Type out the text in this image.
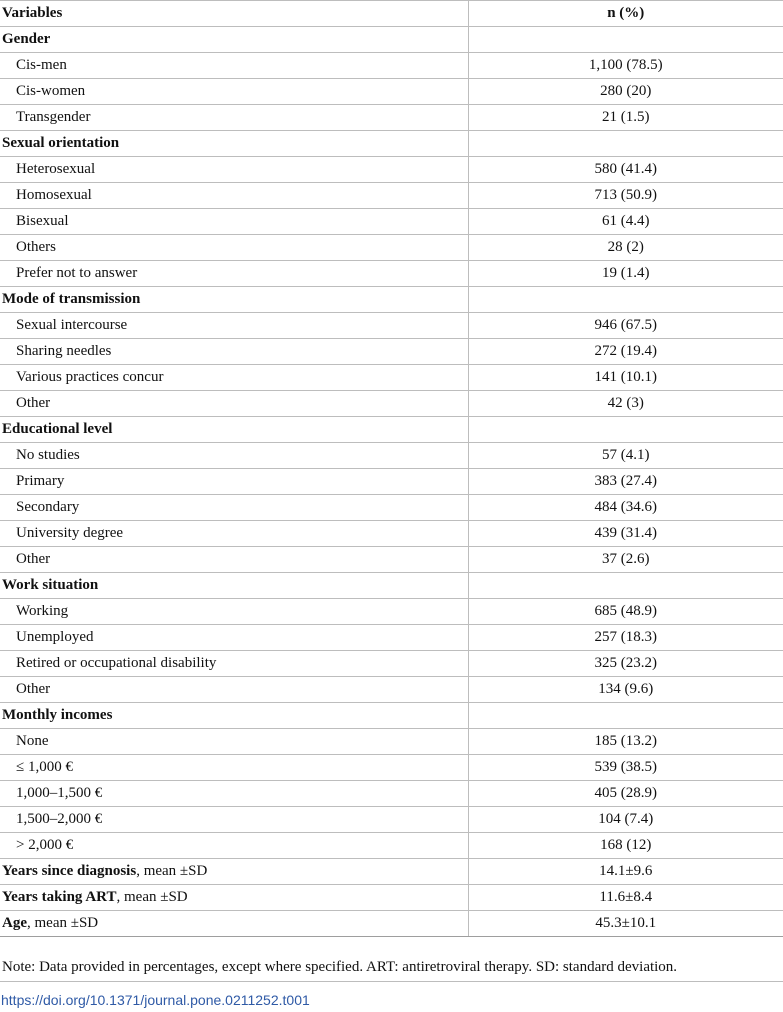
Variables	n (%)
Gender	
Cis-men	1,100 (78.5)
Cis-women	280 (20)
Transgender	21 (1.5)
Sexual orientation	
Heterosexual	580 (41.4)
Homosexual	713 (50.9)
Bisexual	61 (4.4)
Others	28 (2)
Prefer not to answer	19 (1.4)
Mode of transmission	
Sexual intercourse	946 (67.5)
Sharing needles	272 (19.4)
Various practices concur	141 (10.1)
Other	42 (3)
Educational level	
No studies	57 (4.1)
Primary	383 (27.4)
Secondary	484 (34.6)
University degree	439 (31.4)
Other	37 (2.6)
Work situation	
Working	685 (48.9)
Unemployed	257 (18.3)
Retired or occupational disability	325 (23.2)
Other	134 (9.6)
Monthly incomes	
None	185 (13.2)
≤ 1,000 €	539 (38.5)
1,000–1,500 €	405 (28.9)
1,500–2,000 €	104 (7.4)
> 2,000 €	168 (12)
Years since diagnosis, mean ±SD	14.1±9.6
Years taking ART, mean ±SD	11.6±8.4
Age, mean ±SD	45.3±10.1
Note: Data provided in percentages, except where specified. ART: antiretroviral therapy. SD: standard deviation.
https://doi.org/10.1371/journal.pone.0211252.t001
